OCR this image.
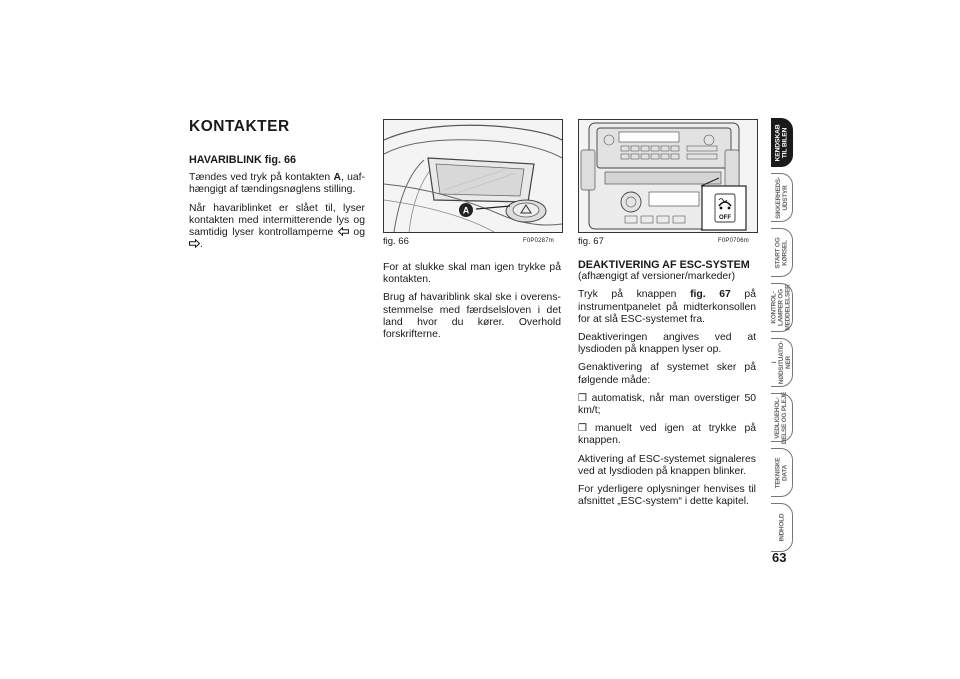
KONTAKTER

HAVARIBLINK fig. 66

Tændes ved tryk på kontakten A, uafhængigt af tændingsnøglens stilling.

Når havariblinket er slået til, lyser kontakten med intermitterende lys og samtidig lyser kontrollamperne  og .

A
fig. 66	F0P0287m

For at slukke skal man igen trykke på kontakten.

Brug af havariblink skal ske i overensstemmelse med færdselsloven i det land hvor du kører. Overhold forskrifterne.

OFF
fig. 67	F0P0706m

DEAKTIVERING AF ESC-SYSTEM

(afhængigt af versioner/markeder)

Tryk på knappen fig. 67 på instrumentpanelet på midterkonsollen for at slå ESC-systemet fra.

Deaktiveringen angives ved at lysdioden på knappen lyser op.

Genaktivering af systemet sker på følgende måde:

❒ automatisk, når man overstiger 50 km/t;

❒ manuelt ved igen at trykke på knappen.

Aktivering af ESC-systemet signaleres ved at lysdioden på knappen blinker.

For yderligere oplysninger henvises til afsnittet „ESC-system“ i dette kapitel.

KENDSKAB
TIL BILEN
SIKKERHEDS-
UDSTYR
START OG
KØRSEL
KONTROL-
LAMPER OG
MEDDELELSER
I
NØDSITUATIO-
NER
VEDLIGEHOL-
DELSE OG PLEJE
TEKNISKE
DATA
INDHOLD
63
